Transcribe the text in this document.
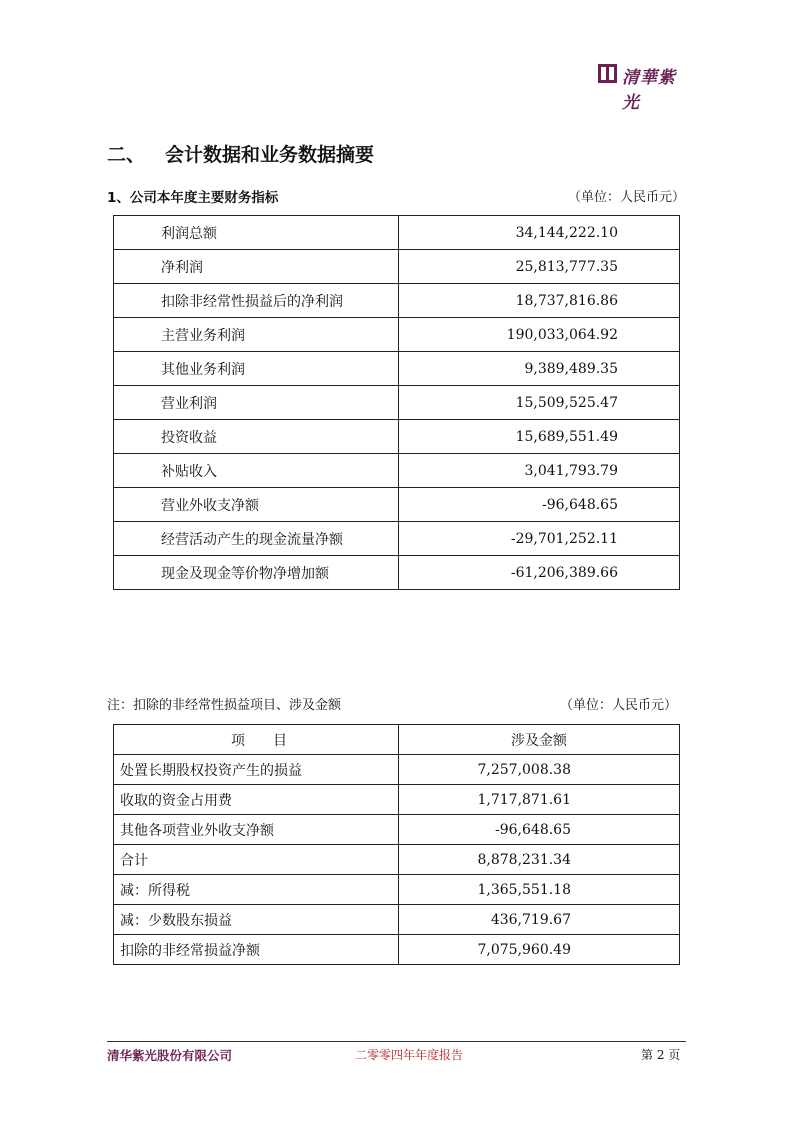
清華紫光
二、 会计数据和业务数据摘要
1、公司本年度主要财务指标	（单位：人民币元）
利润总额	34,144,222.10
净利润	25,813,777.35
扣除非经常性损益后的净利润	18,737,816.86
主营业务利润	190,033,064.92
其他业务利润	9,389,489.35
营业利润	15,509,525.47
投资收益	15,689,551.49
补贴收入	3,041,793.79
营业外收支净额	-96,648.65
经营活动产生的现金流量净额	-29,701,252.11
现金及现金等价物净增加额	-61,206,389.66
注：扣除的非经常性损益项目、涉及金额	（单位：人民币元）
项　　目	涉及金额
处置长期股权投资产生的损益	7,257,008.38
收取的资金占用费	1,717,871.61
其他各项营业外收支净额	-96,648.65
合计	8,878,231.34
减：所得税	1,365,551.18
减：少数股东损益	436,719.67
扣除的非经常损益净额	7,075,960.49
清华紫光股份有限公司	二零零四年年度报告	第 2 页
